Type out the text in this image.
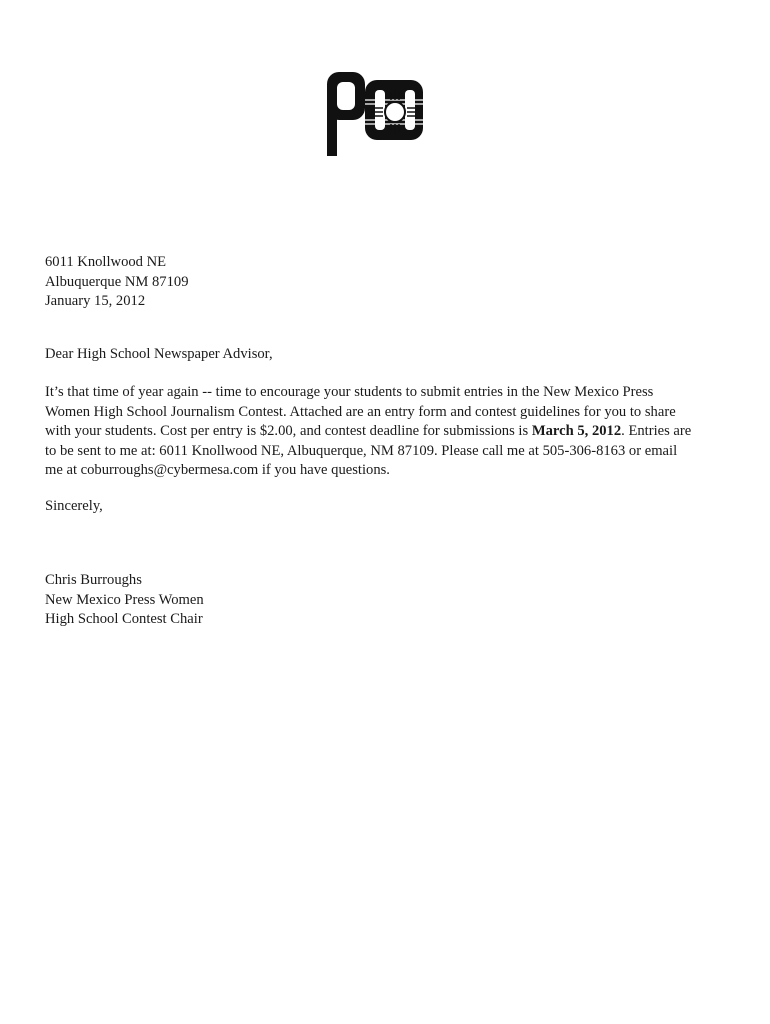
6011 Knollwood NE
Albuquerque NM 87109
January 15, 2012
Dear High School Newspaper Advisor,
It’s that time of year again -- time to encourage your students to submit entries in the New Mexico Press
Women High School Journalism Contest. Attached are an entry form and contest guidelines for you to share
with your students. Cost per entry is $2.00, and contest deadline for submissions is March 5, 2012. Entries are
to be sent to me at: 6011 Knollwood NE, Albuquerque, NM 87109. Please call me at 505-306-8163 or email
me at coburroughs@cybermesa.com if you have questions.
Sincerely,
Chris Burroughs
New Mexico Press Women
High School Contest Chair
